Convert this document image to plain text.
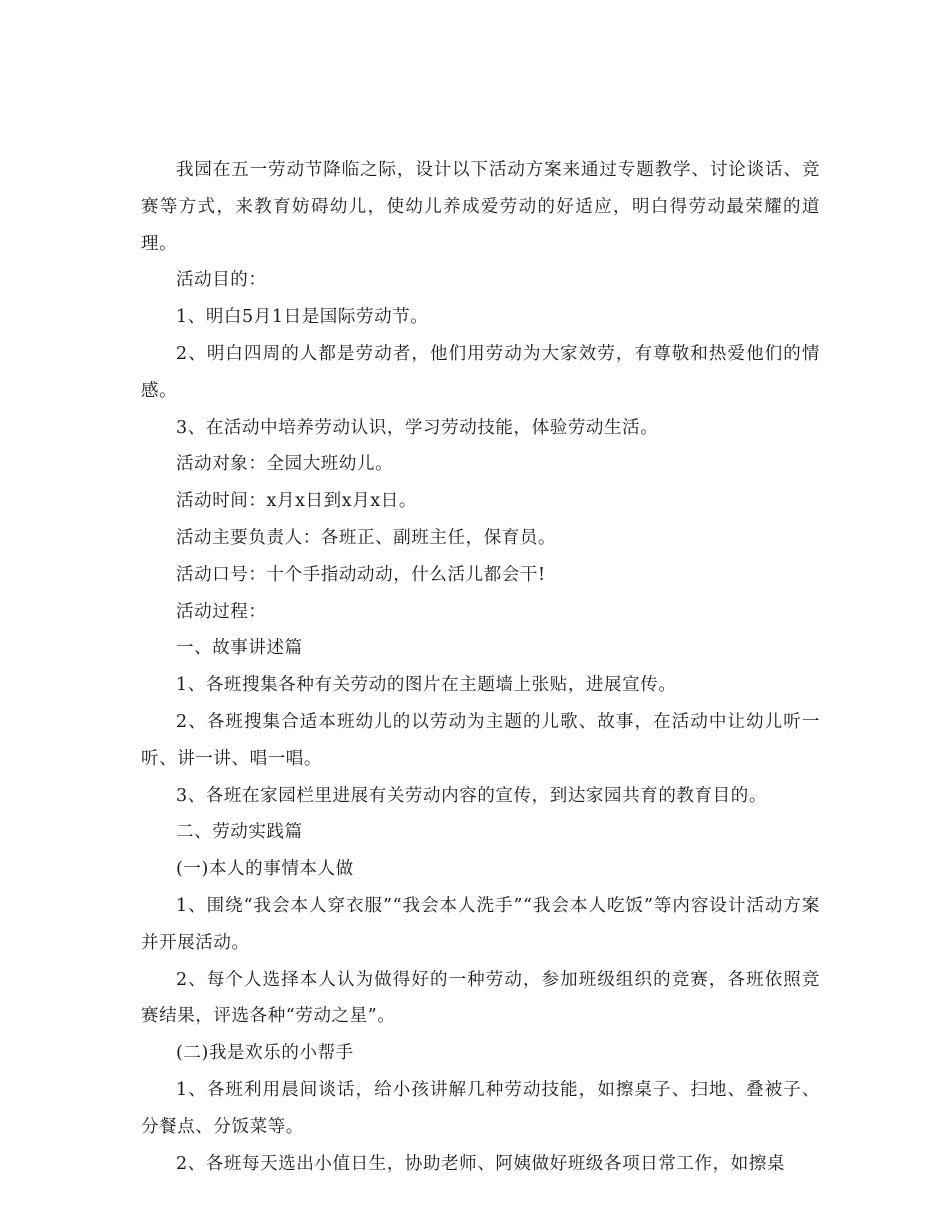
我园在五一劳动节降临之际，设计以下活动方案来通过专题教学、讨论谈话、竞赛等方式，来教育妨碍幼儿，使幼儿养成爱劳动的好适应，明白得劳动最荣耀的道理。

活动目的：

1、明白5月1日是国际劳动节。

2、明白四周的人都是劳动者，他们用劳动为大家效劳，有尊敬和热爱他们的情感。

3、在活动中培养劳动认识，学习劳动技能，体验劳动生活。

活动对象：全园大班幼儿。

活动时间：x月x日到x月x日。

活动主要负责人：各班正、副班主任，保育员。

活动口号：十个手指动动动，什么活儿都会干!

活动过程：

一、故事讲述篇

1、各班搜集各种有关劳动的图片在主题墙上张贴，进展宣传。

2、各班搜集合适本班幼儿的以劳动为主题的儿歌、故事，在活动中让幼儿听一听、讲一讲、唱一唱。

3、各班在家园栏里进展有关劳动内容的宣传，到达家园共育的教育目的。

二、劳动实践篇

(一)本人的事情本人做

1、围绕“我会本人穿衣服”“我会本人洗手”“我会本人吃饭”等内容设计活动方案并开展活动。

2、每个人选择本人认为做得好的一种劳动，参加班级组织的竞赛，各班依照竞赛结果，评选各种“劳动之星”。

(二)我是欢乐的小帮手

1、各班利用晨间谈话，给小孩讲解几种劳动技能，如擦桌子、扫地、叠被子、分餐点、分饭菜等。

2、各班每天选出小值日生，协助老师、阿姨做好班级各项日常工作，如擦桌
